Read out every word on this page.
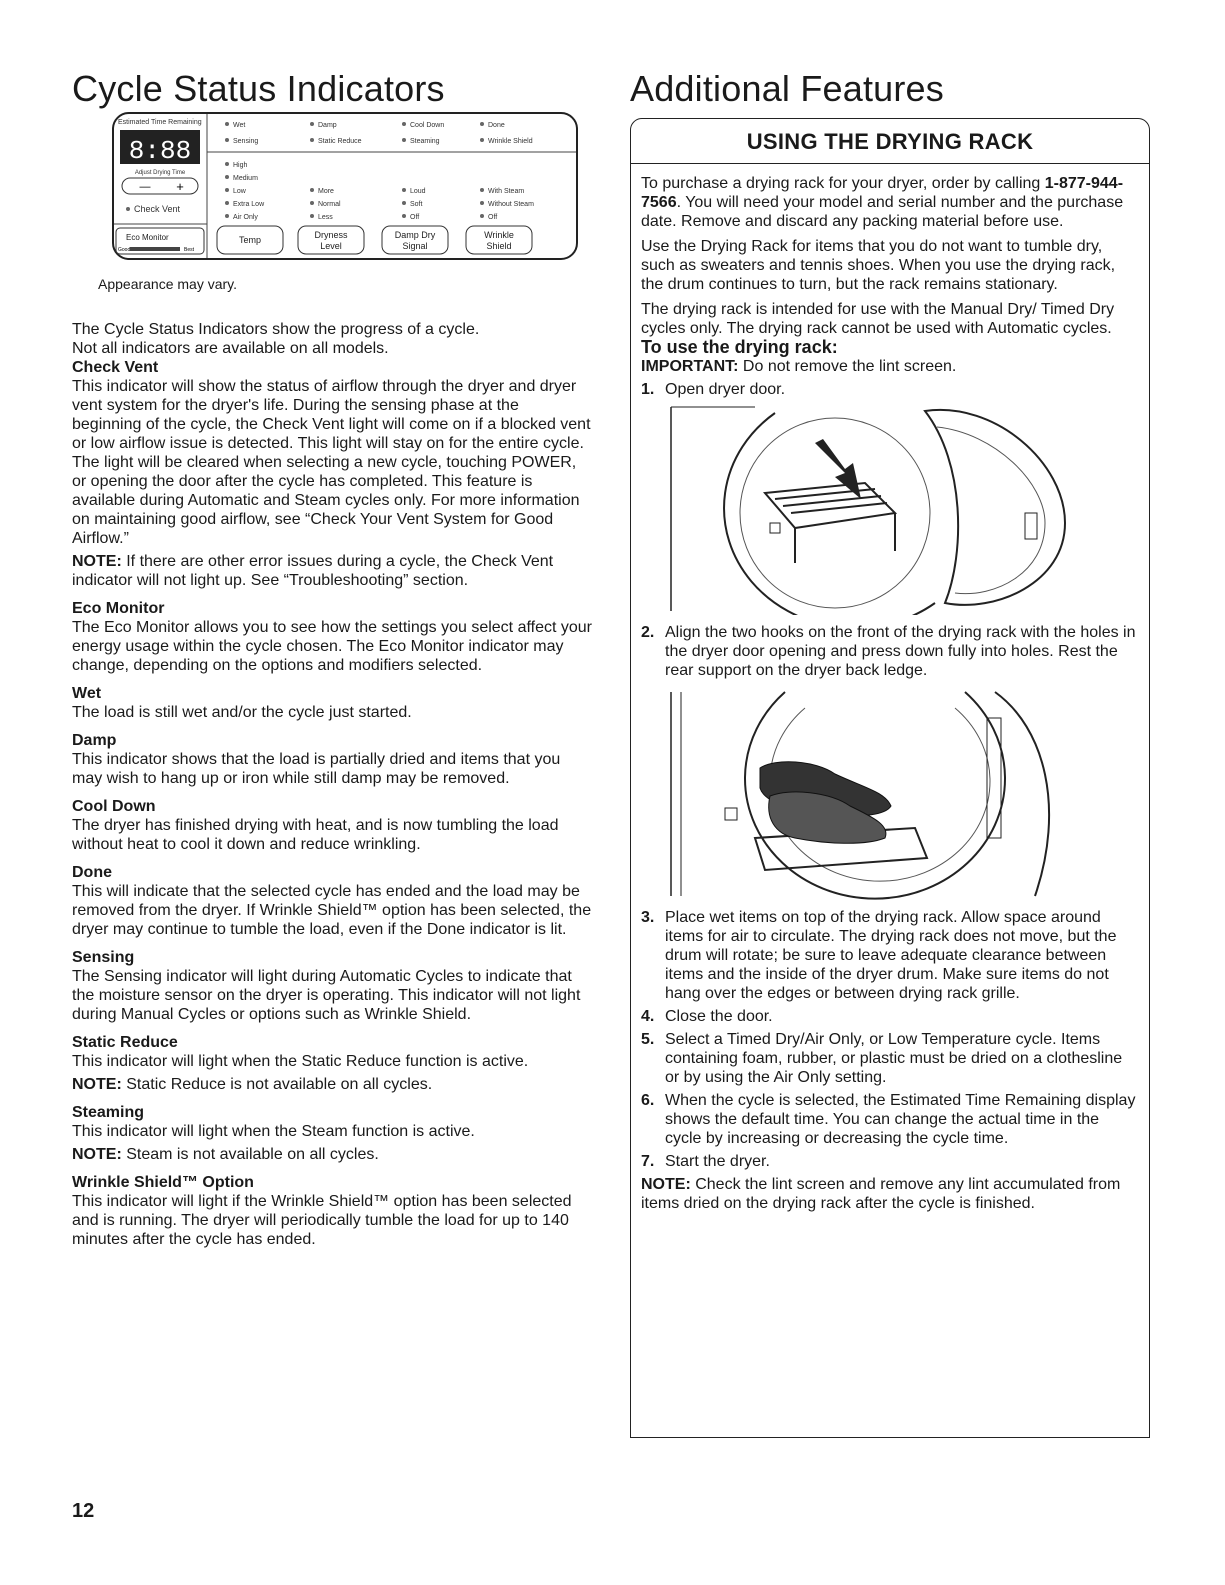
Cycle Status Indicators
Estimated Time Remaining
8:88
Adjust Drying Time
— +
Check Vent
Eco Monitor
Good	Best
Wet	Damp	Cool Down	Done
Sensing	Static Reduce	Steaming	Wrinkle Shield
High
Medium
Low
Extra Low
Air Only
More
Normal
Less
Loud
Soft
Off
With Steam
Without Steam
Off
Temp	Dryness
Level
Damp Dry
Signal
Wrinkle
Shield
Appearance may vary.

The Cycle Status Indicators show the progress of a cycle.

Not all indicators are available on all models.

Check Vent

This indicator will show the status of airflow through the dryer and dryer vent system for the dryer's life. During the sensing phase at the beginning of the cycle, the Check Vent light will come on if a blocked vent or low airflow issue is detected. This light will stay on for the entire cycle. The light will be cleared when selecting a new cycle, touching POWER, or opening the door after the cycle has completed. This feature is available during Automatic and Steam cycles only. For more information on maintaining good airflow, see “Check Your Vent System for Good Airflow.”

NOTE: If there are other error issues during a cycle, the Check Vent indicator will not light up. See “Troubleshooting” section.

Eco Monitor

The Eco Monitor allows you to see how the settings you select affect your energy usage within the cycle chosen. The Eco Monitor indicator may change, depending on the options and modifiers selected.

Wet

The load is still wet and/or the cycle just started.

Damp

This indicator shows that the load is partially dried and items that you may wish to hang up or iron while still damp may be removed.

Cool Down

The dryer has finished drying with heat, and is now tumbling the load without heat to cool it down and reduce wrinkling.

Done

This will indicate that the selected cycle has ended and the load may be removed from the dryer. If Wrinkle Shield™ option has been selected, the dryer may continue to tumble the load, even if the Done indicator is lit.

Sensing

The Sensing indicator will light during Automatic Cycles to indicate that the moisture sensor on the dryer is operating. This indicator will not light during Manual Cycles or options such as Wrinkle Shield.

Static Reduce

This indicator will light when the Static Reduce function is active.

NOTE: Static Reduce is not available on all cycles.

Steaming

This indicator will light when the Steam function is active.

NOTE: Steam is not available on all cycles.

Wrinkle Shield™ Option

This indicator will light if the Wrinkle Shield™ option has been selected and is running. The dryer will periodically tumble the load for up to 140 minutes after the cycle has ended.

Additional Features
USING THE DRYING RACK

To purchase a drying rack for your dryer, order by calling 1-877-944-7566. You will need your model and serial number and the purchase date. Remove and discard any packing material before use.

Use the Drying Rack for items that you do not want to tumble dry, such as sweaters and tennis shoes. When you use the drying rack, the drum continues to turn, but the rack remains stationary.

The drying rack is intended for use with the Manual Dry/ Timed Dry cycles only. The drying rack cannot be used with Automatic cycles.

To use the drying rack:

IMPORTANT: Do not remove the lint screen.

1. Open dryer door.
2. Align the two hooks on the front of the drying rack with the holes in the dryer door opening and press down fully into holes. Rest the rear support on the dryer back ledge.
3. Place wet items on top of the drying rack. Allow space around items for air to circulate. The drying rack does not move, but the drum will rotate; be sure to leave adequate clearance between items and the inside of the dryer drum. Make sure items do not hang over the edges or between drying rack grille.
4. Close the door.
5. Select a Timed Dry/Air Only, or Low Temperature cycle. Items containing foam, rubber, or plastic must be dried on a clothesline or by using the Air Only setting.
6. When the cycle is selected, the Estimated Time Remaining display shows the default time. You can change the actual time in the cycle by increasing or decreasing the cycle time.
7. Start the dryer.

NOTE: Check the lint screen and remove any lint accumulated from items dried on the drying rack after the cycle is finished.

12
